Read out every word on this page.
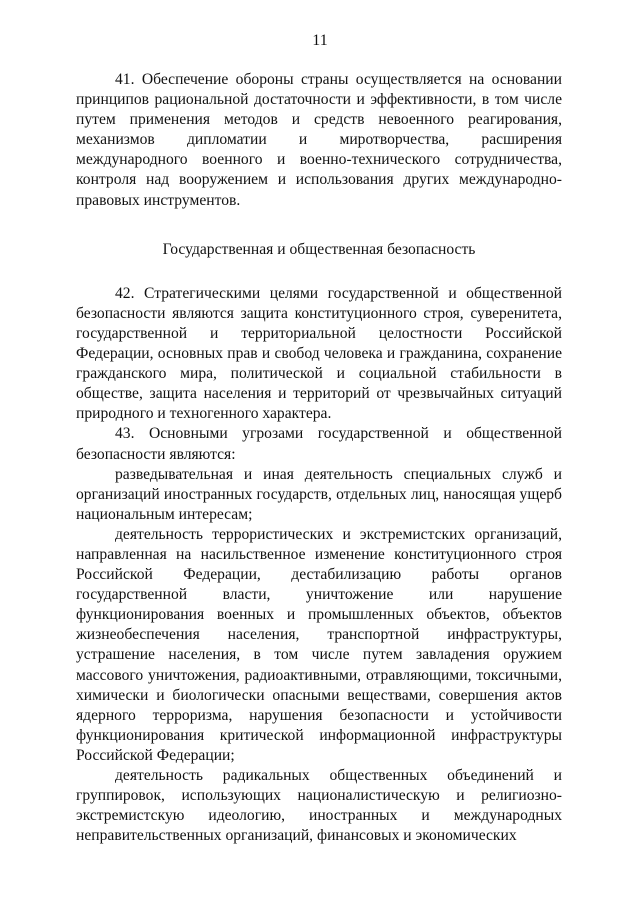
11

41. Обеспечение обороны страны осуществляется на основании принципов рациональной достаточности и эффективности, в том числе путем применения методов и средств невоенного реагирования, механизмов дипломатии и миротворчества, расширения международного военного и военно-технического сотрудничества, контроля над вооружением и использования других международно-правовых инструментов.

Государственная и общественная безопасность

42. Стратегическими целями государственной и общественной безопасности являются защита конституционного строя, суверенитета, государственной и территориальной целостности Российской Федерации, основных прав и свобод человека и гражданина, сохранение гражданского мира, политической и социальной стабильности в обществе, защита населения и территорий от чрезвычайных ситуаций природного и техногенного характера.

43. Основными угрозами государственной и общественной безопасности являются:

разведывательная и иная деятельность специальных служб и организаций иностранных государств, отдельных лиц, наносящая ущерб национальным интересам;

деятельность террористических и экстремистских организаций, направленная на насильственное изменение конституционного строя Российской Федерации, дестабилизацию работы органов государственной власти, уничтожение или нарушение функционирования военных и промышленных объектов, объектов жизнеобеспечения населения, транспортной инфраструктуры, устрашение населения, в том числе путем завладения оружием массового уничтожения, радиоактивными, отравляющими, токсичными, химически и биологически опасными веществами, совершения актов ядерного терроризма, нарушения безопасности и устойчивости функционирования критической информационной инфраструктуры Российской Федерации;

деятельность радикальных общественных объединений и группировок, использующих националистическую и религиозно-экстремистскую идеологию, иностранных и международных неправительственных организаций, финансовых и экономических
